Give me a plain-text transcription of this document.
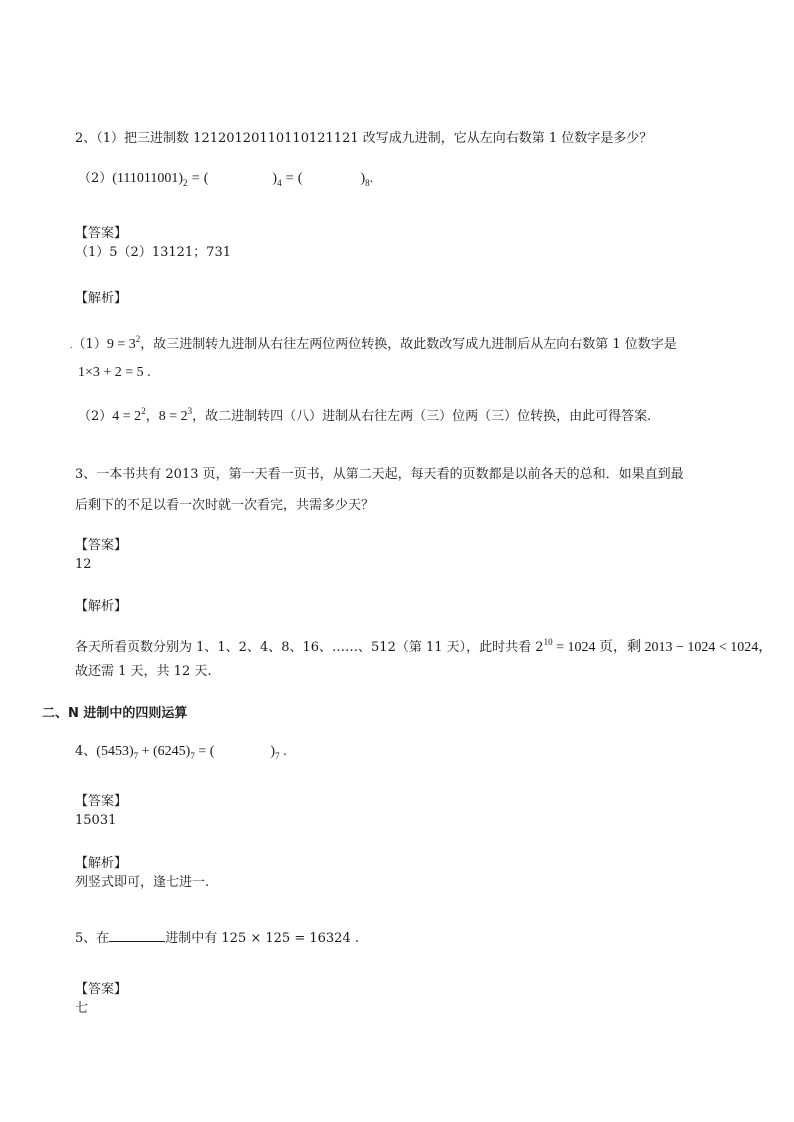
2、（1）把三进制数 12120120110110121121 改写成九进制，它从左向右数第 1 位数字是多少？
$(2)(111011001)_2$ = (	)$_4$ = (	)$_8$.
【答案】
（1）5（2）13121；731
【解析】
$.(1)9 = 3^2$，故三进制转九进制从右往左两位两位转换，故此数改写成九进制后从左向右数第 1 位数字是
1×3 + 2 = 5 .
$(2)4 = 2^2$，$8 = 2^3$，故二进制转四（八）进制从右往左两（三）位两（三）位转换，由此可得答案.
3、一本书共有 2013 页，第一天看一页书，从第二天起，每天看的页数都是以前各天的总和．如果直到最
后剩下的不足以看一次时就一次看完，共需多少天？
【答案】
12
【解析】
各天所看页数分别为 1、1、2、4、8、16、……、512（第 11 天），此时共看 $2^{10} = 1024$ 页，剩 2013 − 1024 < 1024，
故还需 1 天，共 12 天.
二、N 进制中的四则运算
4、$(5453)_7 + (6245)_7$ = (	)$_7$ .
【答案】
15031
【解析】
列竖式即可，逢七进一.
5、在	进制中有 125 × 125 = 16324 .
【答案】
七
